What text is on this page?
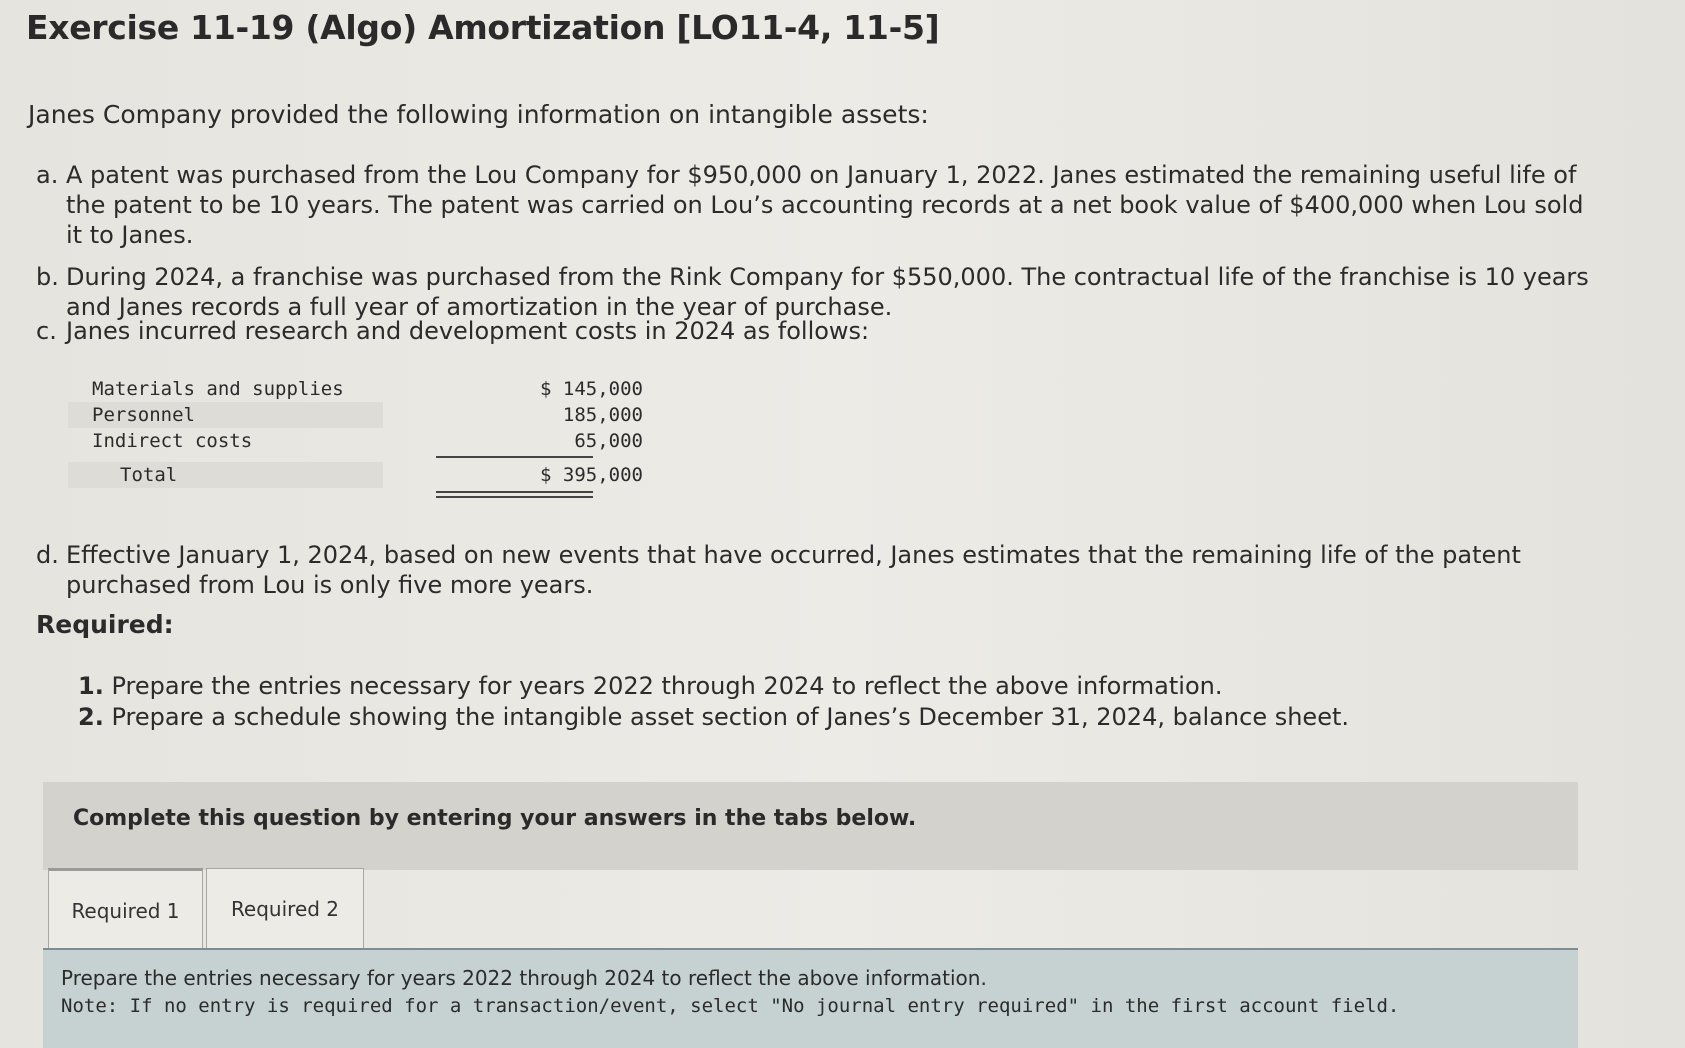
Exercise 11-19 (Algo) Amortization [LO11-4, 11-5]
Janes Company provided the following information on intangible assets:
a. A patent was purchased from the Lou Company for $950,000 on January 1, 2022. Janes estimated the remaining useful life of the patent to be 10 years. The patent was carried on Lou’s accounting records at a net book value of $400,000 when Lou sold it to Janes.
b. During 2024, a franchise was purchased from the Rink Company for $550,000. The contractual life of the franchise is 10 years and Janes records a full year of amortization in the year of purchase.
c. Janes incurred research and development costs in 2024 as follows:
Materials and supplies	$ 145,000
Personnel	185,000
Indirect costs	65,000
Total	$ 395,000
d. Effective January 1, 2024, based on new events that have occurred, Janes estimates that the remaining life of the patent purchased from Lou is only five more years.
Required:
1. Prepare the entries necessary for years 2022 through 2024 to reflect the above information.
2. Prepare a schedule showing the intangible asset section of Janes’s December 31, 2024, balance sheet.
Complete this question by entering your answers in the tabs below.
Required 1	Required 2
Prepare the entries necessary for years 2022 through 2024 to reflect the above information.
Note: If no entry is required for a transaction/event, select "No journal entry required" in the first account field.
